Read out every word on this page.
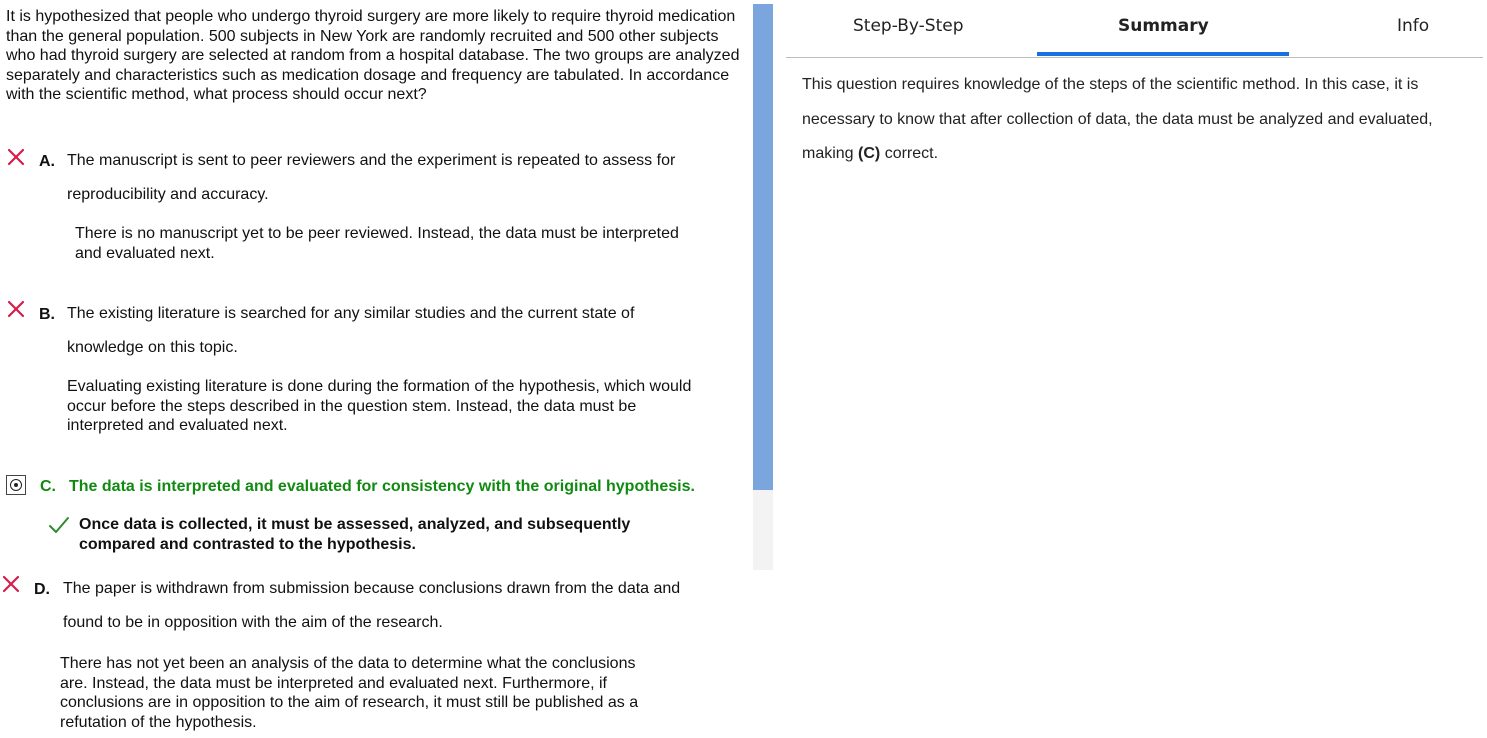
It is hypothesized that people who undergo thyroid surgery are more likely to require thyroid medication than the general population. 500 subjects in New York are randomly recruited and 500 other subjects who had thyroid surgery are selected at random from a hospital database. The two groups are analyzed separately and characteristics such as medication dosage and frequency are tabulated. In accordance with the scientific method, what process should occur next?
A. The manuscript is sent to peer reviewers and the experiment is repeated to assess for
reproducibility and accuracy.
There is no manuscript yet to be peer reviewed. Instead, the data must be interpreted
and evaluated next.
B. The existing literature is searched for any similar studies and the current state of
knowledge on this topic.
Evaluating existing literature is done during the formation of the hypothesis, which would
occur before the steps described in the question stem. Instead, the data must be
interpreted and evaluated next.
C. The data is interpreted and evaluated for consistency with the original hypothesis.
Once data is collected, it must be assessed, analyzed, and subsequently
compared and contrasted to the hypothesis.
D. The paper is withdrawn from submission because conclusions drawn from the data and
found to be in opposition with the aim of the research.
There has not yet been an analysis of the data to determine what the conclusions
are. Instead, the data must be interpreted and evaluated next. Furthermore, if
conclusions are in opposition to the aim of research, it must still be published as a
refutation of the hypothesis.
Step-By-Step	Summary	Info
This question requires knowledge of the steps of the scientific method. In this case, it is
necessary to know that after collection of data, the data must be analyzed and evaluated,
making (C) correct.
